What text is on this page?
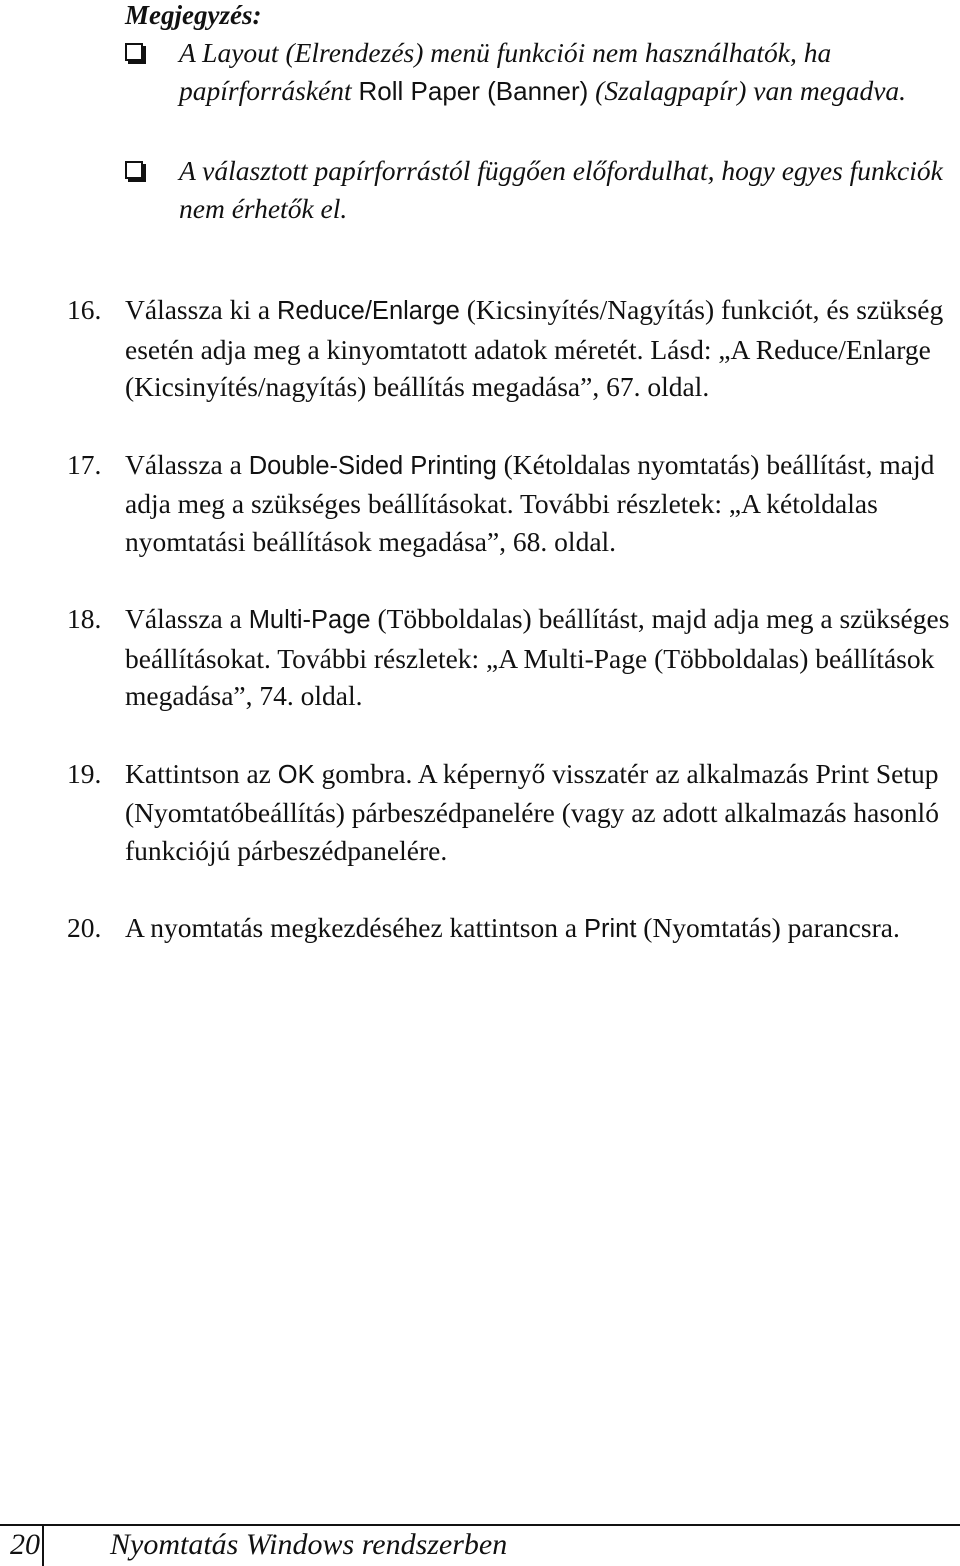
Megjegyzés:

A Layout (Elrendezés) menü funkciói nem használhatók, ha papírforrásként Roll Paper (Banner) (Szalagpapír) van megadva.
A választott papírforrástól függően előfordulhat, hogy egyes funkciók nem érhetők el.
16. Válassza ki a Reduce/Enlarge (Kicsinyítés/Nagyítás) funkciót, és szükség esetén adja meg a kinyomtatott adatok méretét. Lásd: „A Reduce/Enlarge (Kicsinyítés/nagyítás) beállítás megadása”, 67. oldal.
17. Válassza a Double-Sided Printing (Kétoldalas nyomtatás) beállítást, majd adja meg a szükséges beállításokat. További részletek: „A kétoldalas nyomtatási beállítások megadása”, 68. oldal.
18. Válassza a Multi-Page (Többoldalas) beállítást, majd adja meg a szükséges beállításokat. További részletek: „A Multi-Page (Többoldalas) beállítások megadása”, 74. oldal.
19. Kattintson az OK gombra. A képernyő visszatér az alkalmazás Print Setup (Nyomtatóbeállítás) párbeszédpanelére (vagy az adott alkalmazás hasonló funkciójú párbeszédpanelére.
20. A nyomtatás megkezdéséhez kattintson a Print (Nyomtatás) parancsra.
20 Nyomtatás Windows rendszerben
